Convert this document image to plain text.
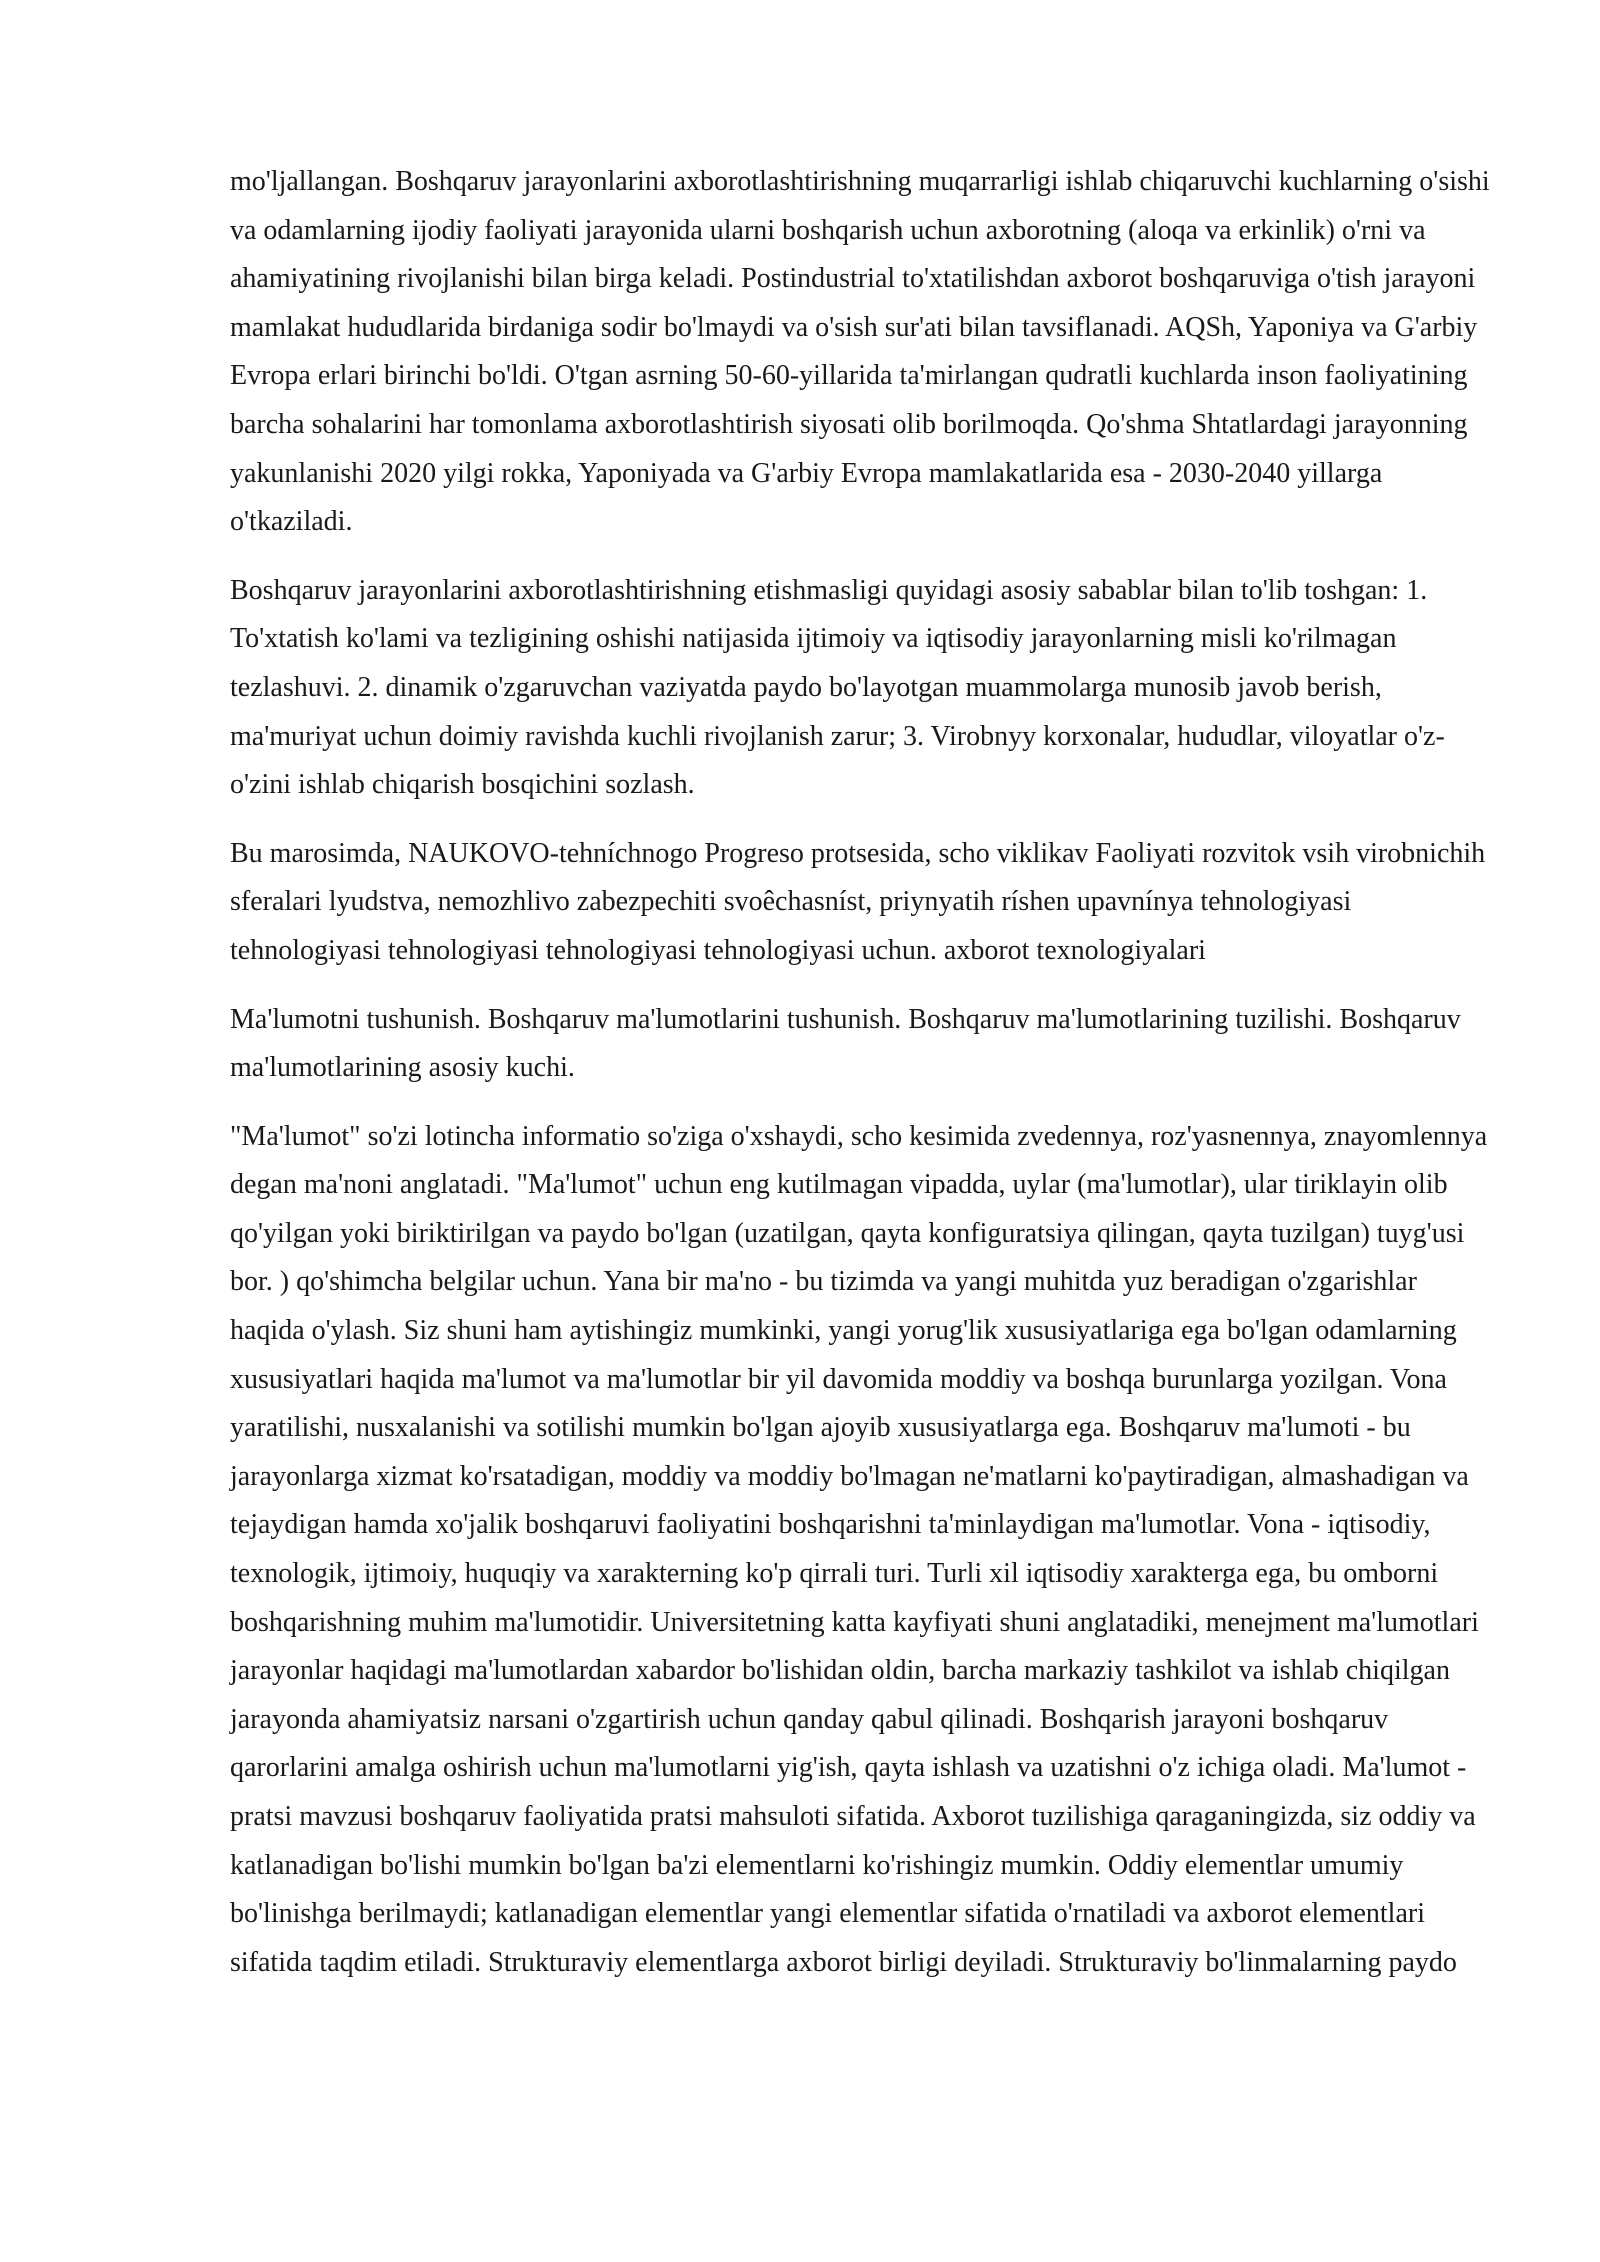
mo'ljallangan. Boshqaruv jarayonlarini axborotlashtirishning muqarrarligi ishlab chiqaruvchi kuchlarning o'sishi va odamlarning ijodiy faoliyati jarayonida ularni boshqarish uchun axborotning (aloqa va erkinlik) o'rni va ahamiyatining rivojlanishi bilan birga keladi. Postindustrial to'xtatilishdan axborot boshqaruviga o'tish jarayoni mamlakat hududlarida birdaniga sodir bo'lmaydi va o'sish sur'ati bilan tavsiflanadi. AQSh, Yaponiya va G'arbiy Evropa erlari birinchi bo'ldi. O'tgan asrning 50-60-yillarida ta'mirlangan qudratli kuchlarda inson faoliyatining barcha sohalarini har tomonlama axborotlashtirish siyosati olib borilmoqda. Qo'shma Shtatlardagi jarayonning yakunlanishi 2020 yilgi rokka, Yaponiyada va G'arbiy Evropa mamlakatlarida esa - 2030-2040 yillarga o'tkaziladi.

Boshqaruv jarayonlarini axborotlashtirishning etishmasligi quyidagi asosiy sabablar bilan to'lib toshgan: 1. To'xtatish ko'lami va tezligining oshishi natijasida ijtimoiy va iqtisodiy jarayonlarning misli ko'rilmagan tezlashuvi. 2. dinamik o'zgaruvchan vaziyatda paydo bo'layotgan muammolarga munosib javob berish, ma'muriyat uchun doimiy ravishda kuchli rivojlanish zarur; 3. Virobnyy korxonalar, hududlar, viloyatlar o'z-o'zini ishlab chiqarish bosqichini sozlash.

Bu marosimda, NAUKOVO-tehníchnogo Progreso protsesida, scho viklikav Faoliyati rozvitok vsih virobnichih sferalari lyudstva, nemozhlivo zabezpechiti svoêchasníst, priynyatih ríshen upavnínya tehnologiyasi tehnologiyasi tehnologiyasi tehnologiyasi tehnologiyasi uchun. axborot texnologiyalari

Ma'lumotni tushunish. Boshqaruv ma'lumotlarini tushunish. Boshqaruv ma'lumotlarining tuzilishi. Boshqaruv ma'lumotlarining asosiy kuchi.

"Ma'lumot" so'zi lotincha informatio so'ziga o'xshaydi, scho kesimida zvedennya, roz'yasnennya, znayomlennya degan ma'noni anglatadi. "Ma'lumot" uchun eng kutilmagan vipadda, uylar (ma'lumotlar), ular tiriklayin olib qo'yilgan yoki biriktirilgan va paydo bo'lgan (uzatilgan, qayta konfiguratsiya qilingan, qayta tuzilgan) tuyg'usi bor. ) qo'shimcha belgilar uchun. Yana bir ma'no - bu tizimda va yangi muhitda yuz beradigan o'zgarishlar haqida o'ylash. Siz shuni ham aytishingiz mumkinki, yangi yorug'lik xususiyatlariga ega bo'lgan odamlarning xususiyatlari haqida ma'lumot va ma'lumotlar bir yil davomida moddiy va boshqa burunlarga yozilgan. Vona yaratilishi, nusxalanishi va sotilishi mumkin bo'lgan ajoyib xususiyatlarga ega. Boshqaruv ma'lumoti - bu jarayonlarga xizmat ko'rsatadigan, moddiy va moddiy bo'lmagan ne'matlarni ko'paytiradigan, almashadigan va tejaydigan hamda xo'jalik boshqaruvi faoliyatini boshqarishni ta'minlaydigan ma'lumotlar. Vona - iqtisodiy, texnologik, ijtimoiy, huquqiy va xarakterning ko'p qirrali turi. Turli xil iqtisodiy xarakterga ega, bu omborni boshqarishning muhim ma'lumotidir. Universitetning katta kayfiyati shuni anglatadiki, menejment ma'lumotlari jarayonlar haqidagi ma'lumotlardan xabardor bo'lishidan oldin, barcha markaziy tashkilot va ishlab chiqilgan jarayonda ahamiyatsiz narsani o'zgartirish uchun qanday qabul qilinadi. Boshqarish jarayoni boshqaruv qarorlarini amalga oshirish uchun ma'lumotlarni yig'ish, qayta ishlash va uzatishni o'z ichiga oladi. Ma'lumot - pratsi mavzusi boshqaruv faoliyatida pratsi mahsuloti sifatida. Axborot tuzilishiga qaraganingizda, siz oddiy va katlanadigan bo'lishi mumkin bo'lgan ba'zi elementlarni ko'rishingiz mumkin. Oddiy elementlar umumiy bo'linishga berilmaydi; katlanadigan elementlar yangi elementlar sifatida o'rnatiladi va axborot elementlari sifatida taqdim etiladi. Strukturaviy elementlarga axborot birligi deyiladi. Strukturaviy bo'linmalarning paydo
